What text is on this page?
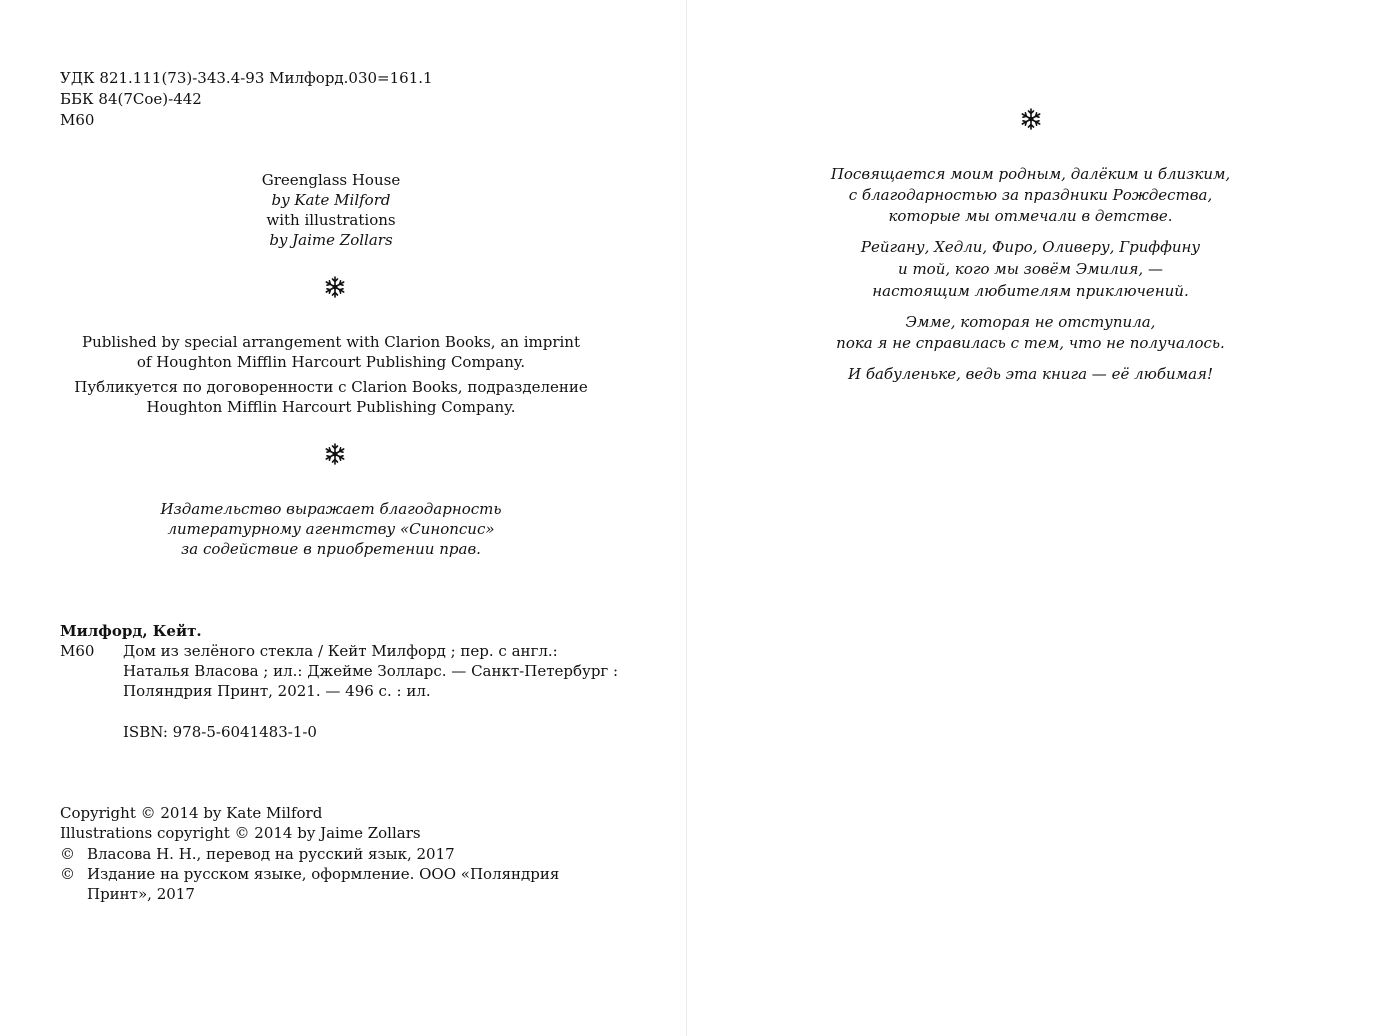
УДК 821.111(73)-343.4-93 Милфорд.030=161.1
ББК 84(7Сое)-442
М60
Greenglass House
by Kate Milford
with illustrations
by Jaime Zollars
Published by special arrangement with Clarion Books, an imprint
of Houghton Mifflin Harcourt Publishing Company.
Публикуется по договоренности с Clarion Books, подразделение
Houghton Mifflin Harcourt Publishing Company.
Издательство выражает благодарность
литературному агентству «Синопсис»
за содействие в приобретении прав.
Милфорд, Кейт.
М60 Дом из зелёного стекла / Кейт Милфорд ; пер. с англ.:
Наталья Власова ; ил.: Джейме Золларс. — Санкт-Петербург :
Поляндрия Принт, 2021. — 496 с. : ил.
ISBN: 978-5-6041483-1-0
Copyright © 2014 by Kate Milford
Illustrations copyright © 2014 by Jaime Zollars
© Власова Н. Н., перевод на русский язык, 2017
© Издание на русском языке, оформление. ООО «Поляндрия
Принт», 2017
Посвящается моим родным, далёким и близким,
с благодарностью за праздники Рождества,
которые мы отмечали в детстве.
Рейгану, Хедли, Фиро, Оливеру, Гриффину
и той, кого мы зовём Эмилия, —
настоящим любителям приключений.
Эмме, которая не отступила,
пока я не справилась с тем, что не получалось.
И бабуленьке, ведь эта книга — её любимая!
